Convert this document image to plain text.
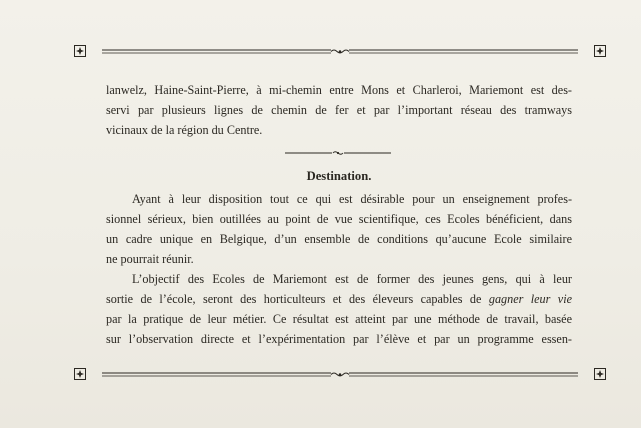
lanwelz, Haine-Saint-Pierre, à mi-chemin entre Mons et Charleroi, Mariemont est des-
servi par plusieurs lignes de chemin de fer et par l’important réseau des tramways
vicinaux de la région du Centre.
Destination.
Ayant à leur disposition tout ce qui est désirable pour un enseignement profes-
sionnel sérieux, bien outillées au point de vue scientifique, ces Ecoles bénéficient, dans
un cadre unique en Belgique, d’un ensemble de conditions qu’aucune Ecole similaire
ne pourrait réunir.
L’objectif des Ecoles de Mariemont est de former des jeunes gens, qui à leur
sortie de l’école, seront des horticulteurs et des éleveurs capables de gagner leur vie
par la pratique de leur métier. Ce résultat est atteint par une méthode de travail, basée
sur l’observation directe et l’expérimentation par l’élève et par un programme essen-
